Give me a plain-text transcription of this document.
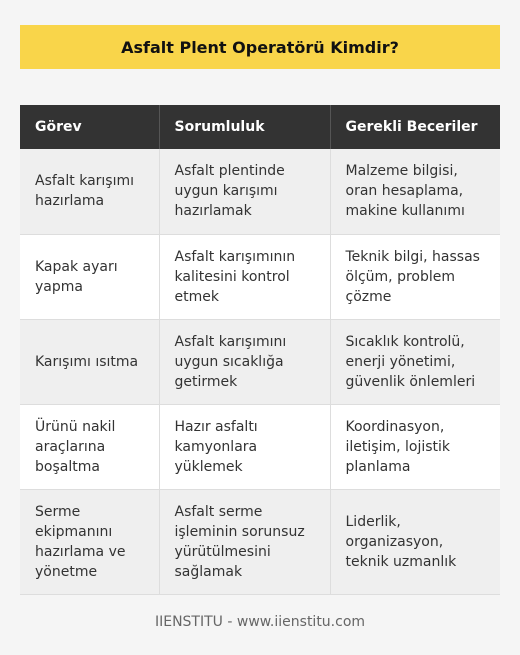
Asfalt Plent Operatörü Kimdir?
Görev	Sorumluluk	Gerekli Beceriler
Asfalt karışımı hazırlama	Asfalt plentinde uygun karışımı hazırlamak	Malzeme bilgisi, oran hesaplama, makine kullanımı
Kapak ayarı yapma	Asfalt karışımının kalitesini kontrol etmek	Teknik bilgi, hassas ölçüm, problem çözme
Karışımı ısıtma	Asfalt karışımını uygun sıcaklığa getirmek	Sıcaklık kontrolü, enerji yönetimi, güvenlik önlemleri
Ürünü nakil araçlarına boşaltma	Hazır asfaltı kamyonlara yüklemek	Koordinasyon, iletişim, lojistik planlama
Serme ekipmanını hazırlama ve yönetme	Asfalt serme işleminin sorunsuz yürütülmesini sağlamak	Liderlik, organizasyon, teknik uzmanlık
IIENSTITU - www.iienstitu.com
